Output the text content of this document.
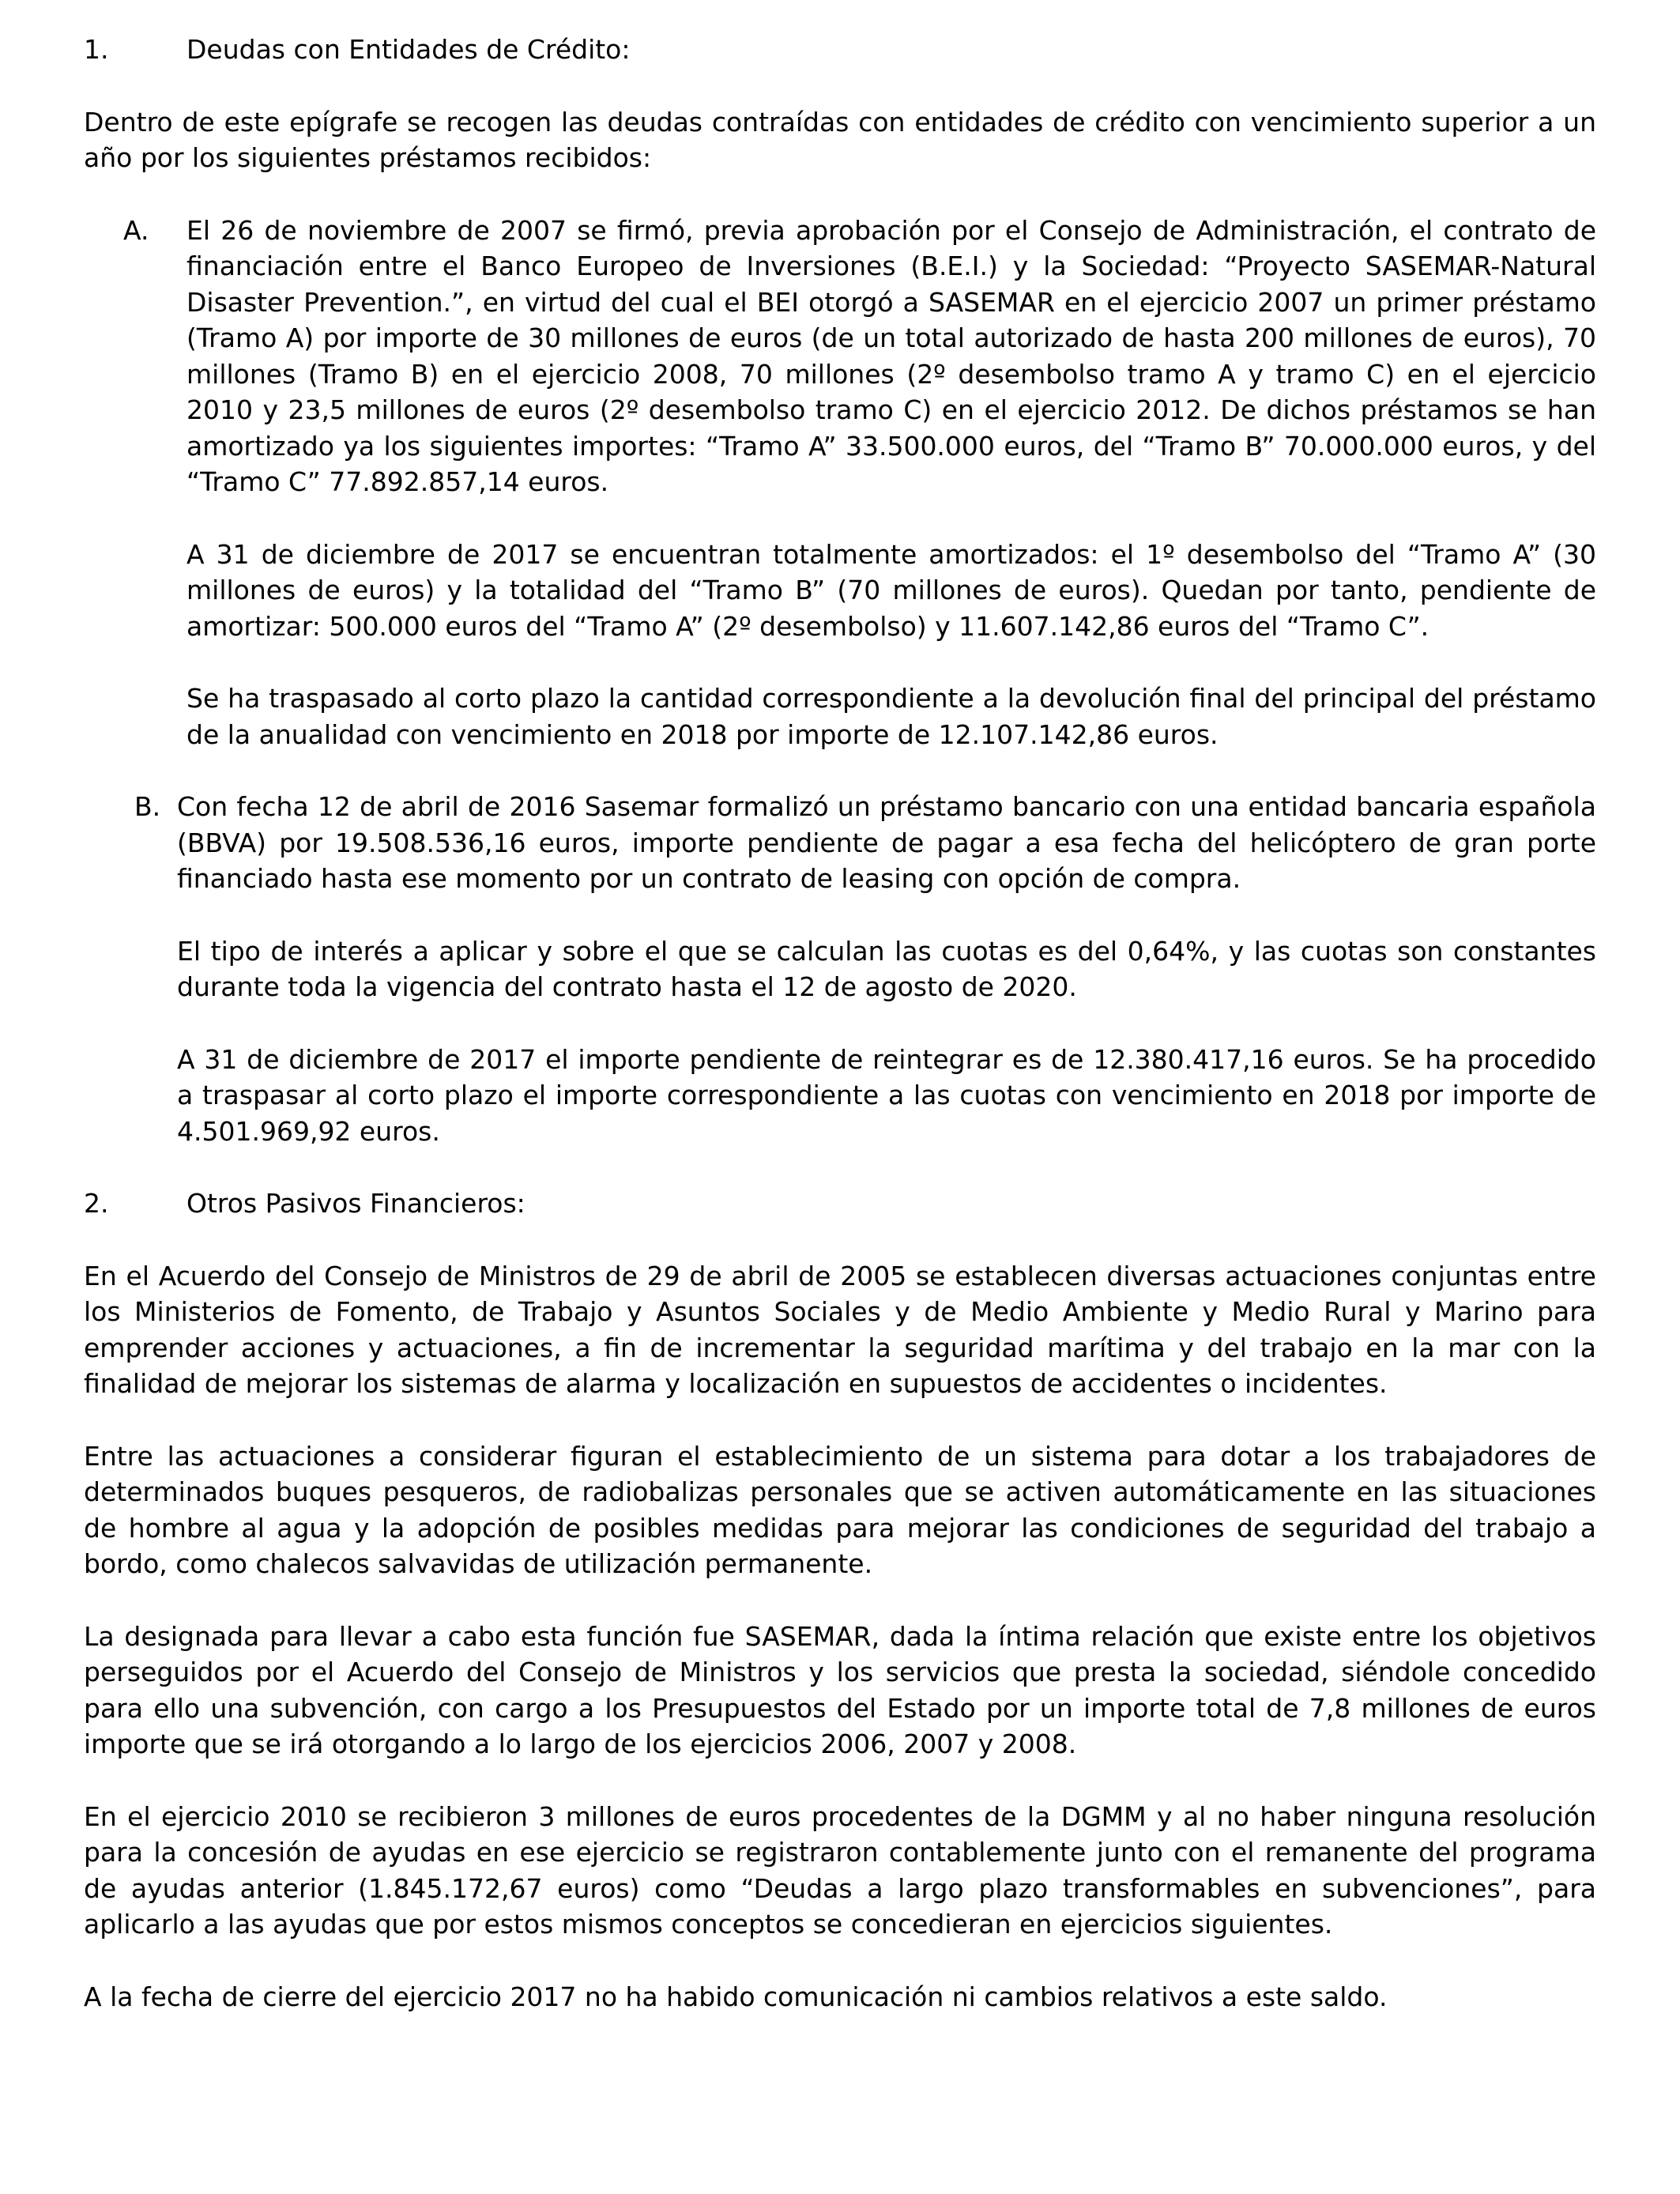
1.	Deudas con Entidades de Crédito:

Dentro de este epígrafe se recogen las deudas contraídas con entidades de crédito con vencimiento superior a un año por los siguientes préstamos recibidos:

A. El 26 de noviembre de 2007 se firmó, previa aprobación por el Consejo de Administración, el contrato de financiación entre el Banco Europeo de Inversiones (B.E.I.) y la Sociedad: “Proyecto SASEMAR-Natural Disaster Prevention.”, en virtud del cual el BEI otorgó a SASEMAR en el ejercicio 2007 un primer préstamo (Tramo A) por importe de 30 millones de euros (de un total autorizado de hasta 200 millones de euros), 70 millones (Tramo B) en el ejercicio 2008, 70 millones (2º desembolso tramo A y tramo C) en el ejercicio 2010 y 23,5 millones de euros (2º desembolso tramo C) en el ejercicio 2012. De dichos préstamos se han amortizado ya los siguientes importes: “Tramo A” 33.500.000 euros, del “Tramo B” 70.000.000 euros, y del “Tramo C” 77.892.857,14 euros.

A 31 de diciembre de 2017 se encuentran totalmente amortizados: el 1º desembolso del “Tramo A” (30 millones de euros) y la totalidad del “Tramo B” (70 millones de euros). Quedan por tanto, pendiente de amortizar: 500.000 euros del “Tramo A” (2º desembolso) y 11.607.142,86 euros del “Tramo C”.

Se ha traspasado al corto plazo la cantidad correspondiente a la devolución final del principal del préstamo de la anualidad con vencimiento en 2018 por importe de 12.107.142,86 euros.

B. Con fecha 12 de abril de 2016 Sasemar formalizó un préstamo bancario con una entidad bancaria española (BBVA) por 19.508.536,16 euros, importe pendiente de pagar a esa fecha del helicóptero de gran porte financiado hasta ese momento por un contrato de leasing con opción de compra.

El tipo de interés a aplicar y sobre el que se calculan las cuotas es del 0,64%, y las cuotas son constantes durante toda la vigencia del contrato hasta el 12 de agosto de 2020.

A 31 de diciembre de 2017 el importe pendiente de reintegrar es de 12.380.417,16 euros. Se ha procedido a traspasar al corto plazo el importe correspondiente a las cuotas con vencimiento en 2018 por importe de 4.501.969,92 euros.

2.	Otros Pasivos Financieros:

En el Acuerdo del Consejo de Ministros de 29 de abril de 2005 se establecen diversas actuaciones conjuntas entre los Ministerios de Fomento, de Trabajo y Asuntos Sociales y de Medio Ambiente y Medio Rural y Marino para emprender acciones y actuaciones, a fin de incrementar la seguridad marítima y del trabajo en la mar con la finalidad de mejorar los sistemas de alarma y localización en supuestos de accidentes o incidentes.

Entre las actuaciones a considerar figuran el establecimiento de un sistema para dotar a los trabajadores de determinados buques pesqueros, de radiobalizas personales que se activen automáticamente en las situaciones de hombre al agua y la adopción de posibles medidas para mejorar las condiciones de seguridad del trabajo a bordo, como chalecos salvavidas de utilización permanente.

La designada para llevar a cabo esta función fue SASEMAR, dada la íntima relación que existe entre los objetivos perseguidos por el Acuerdo del Consejo de Ministros y los servicios que presta la sociedad, siéndole concedido para ello una subvención, con cargo a los Presupuestos del Estado por un importe total de 7,8 millones de euros importe que se irá otorgando a lo largo de los ejercicios 2006, 2007 y 2008.

En el ejercicio 2010 se recibieron 3 millones de euros procedentes de la DGMM y al no haber ninguna resolución para la concesión de ayudas en ese ejercicio se registraron contablemente junto con el remanente del programa de ayudas anterior (1.845.172,67 euros) como “Deudas a largo plazo transformables en subvenciones”, para aplicarlo a las ayudas que por estos mismos conceptos se concedieran en ejercicios siguientes.

A la fecha de cierre del ejercicio 2017 no ha habido comunicación ni cambios relativos a este saldo.
